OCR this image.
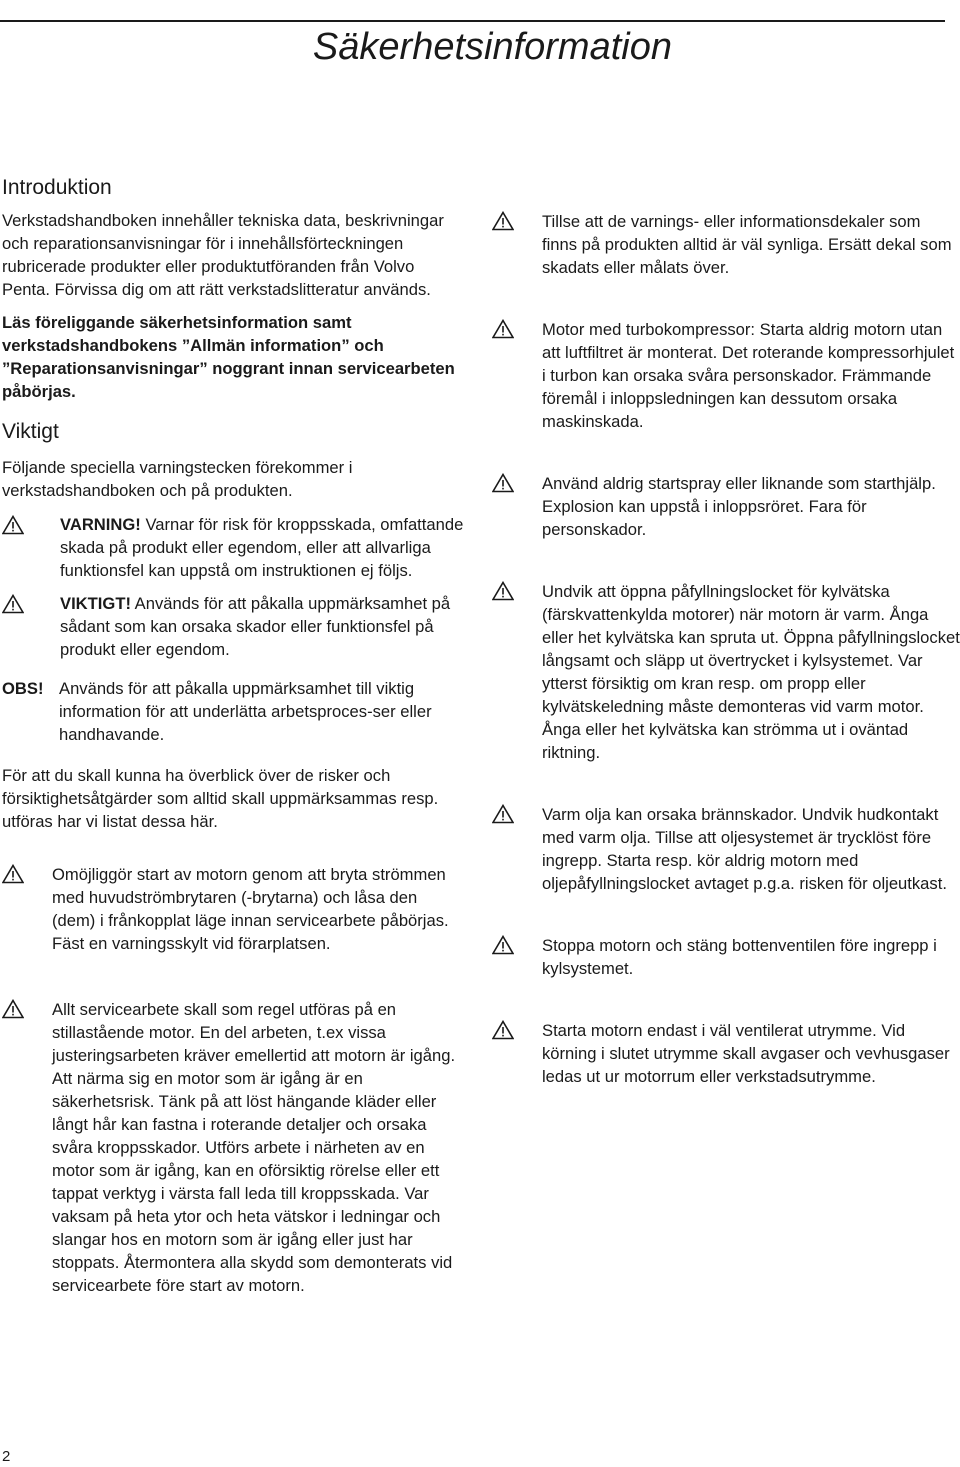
Säkerhetsinformation
Introduktion

Verkstadshandboken innehåller tekniska data, beskrivningar och reparationsanvisningar för i innehållsförteckningen rubricerade produkter eller produktutföranden från Volvo Penta. Förvissa dig om att rätt verkstadslitteratur används.

Läs föreliggande säkerhetsinformation samt verkstadshandbokens ”Allmän information” och ”Reparationsanvisningar” noggrant innan servicearbeten påbörjas.

Viktigt

Följande speciella varningstecken förekommer i verkstadshandboken och på produkten.

VARNING! Varnar för risk för kroppsskada, omfattande skada på produkt eller egendom, eller att allvarliga funktionsfel kan uppstå om instruktionen ej följs.
VIKTIGT! Används för att påkalla uppmärksamhet på sådant som kan orsaka skador eller funktionsfel på produkt eller egendom.
OBS! Används för att påkalla uppmärksamhet till viktig information för att underlätta arbetsproces-ser eller handhavande.

För att du skall kunna ha överblick över de risker och försiktighetsåtgärder som alltid skall uppmärksammas resp. utföras har vi listat dessa här.

Omöjliggör start av motorn genom att bryta strömmen med huvudströmbrytaren (-brytarna) och låsa den (dem) i frånkopplat läge innan servicearbete påbörjas. Fäst en varningsskylt vid förarplatsen.
Allt servicearbete skall som regel utföras på en stillastående motor. En del arbeten, t.ex vissa justeringsarbeten kräver emellertid att motorn är igång. Att närma sig en motor som är igång är en säkerhetsrisk. Tänk på att löst hängande kläder eller långt hår kan fastna i roterande detaljer och orsaka svåra kroppsskador. Utförs arbete i närheten av en motor som är igång, kan en oförsiktig rörelse eller ett tappat verktyg i värsta fall leda till kroppsskada. Var vaksam på heta ytor och heta vätskor i ledningar och slangar hos en motorn som är igång eller just har stoppats. Återmontera alla skydd som demonterats vid servicearbete före start av motorn.
Tillse att de varnings- eller informationsdekaler som finns på produkten alltid är väl synliga. Ersätt dekal som skadats eller målats över.
Motor med turbokompressor: Starta aldrig motorn utan att luftfiltret är monterat. Det roterande kompressorhjulet i turbon kan orsaka svåra personskador. Främmande föremål i inloppsledningen kan dessutom orsaka maskinskada.
Använd aldrig startspray eller liknande som starthjälp. Explosion kan uppstå i inloppsröret. Fara för personskador.
Undvik att öppna påfyllningslocket för kylvätska (färskvattenkylda motorer) när motorn är varm. Ånga eller het kylvätska kan spruta ut. Öppna påfyllningslocket långsamt och släpp ut övertrycket i kylsystemet. Var ytterst försiktig om kran resp. om propp eller kylvätskeledning måste demonteras vid varm motor. Ånga eller het kylvätska kan strömma ut i oväntad riktning.
Varm olja kan orsaka brännskador. Undvik hudkontakt med varm olja. Tillse att oljesystemet är trycklöst före ingrepp. Starta resp. kör aldrig motorn med oljepåfyllningslocket avtaget p.g.a. risken för oljeutkast.
Stoppa motorn och stäng bottenventilen före ingrepp i kylsystemet.
Starta motorn endast i väl ventilerat utrymme. Vid körning i slutet utrymme skall avgaser och vevhusgaser ledas ut ur motorrum eller verkstadsutrymme.
2
